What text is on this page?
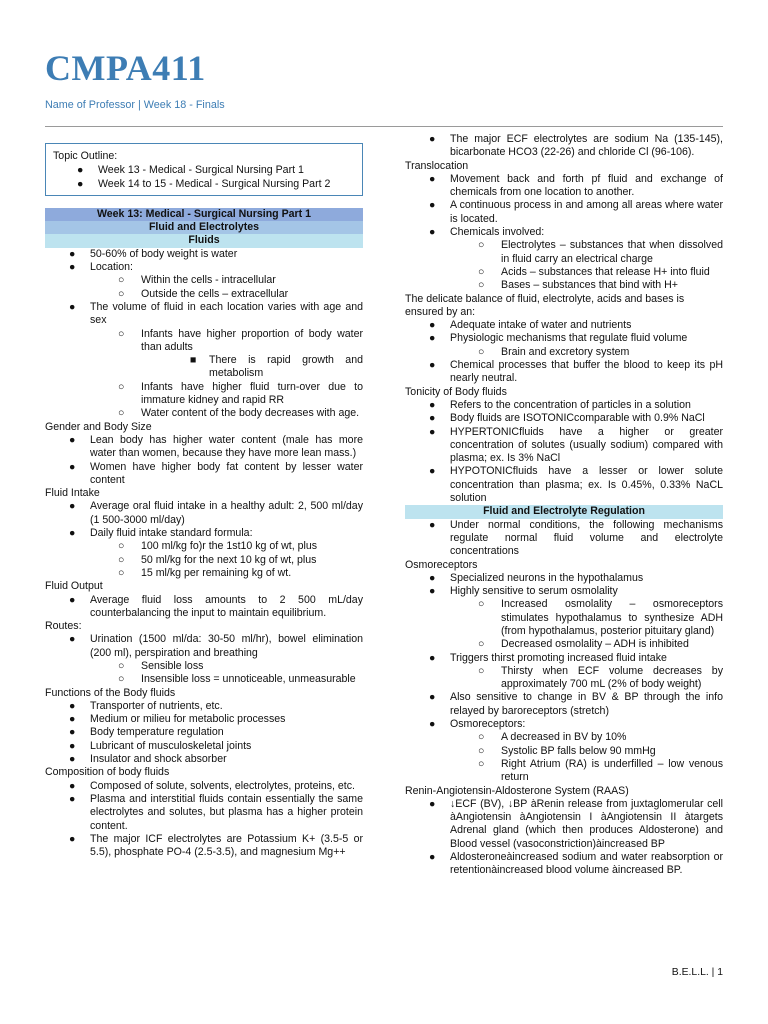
CMPA411
Name of Professor | Week 18 - Finals
Topic Outline:
● Week 13 - Medical - Surgical Nursing Part 1
● Week 14 to 15 - Medical - Surgical Nursing Part 2
Week 13: Medical - Surgical Nursing Part 1
Fluid and Electrolytes
Fluids
● 50-60% of body weight is water
● Location:
○ Within the cells - intracellular
○ Outside the cells – extracellular
● The volume of fluid in each location varies with age and sex
○ Infants have higher proportion of body water than adults
■ There is rapid growth and metabolism
○ Infants have higher fluid turn-over due to immature kidney and rapid RR
○ Water content of the body decreases with age.
Gender and Body Size
● Lean body has higher water content (male has more water than women, because they have more lean mass.)
● Women have higher body fat content by lesser water content
Fluid Intake
● Average oral fluid intake in a healthy adult: 2, 500 ml/day (1 500-3000 ml/day)
● Daily fluid intake standard formula:
○ 100 ml/kg fo)r the 1st10 kg of wt, plus
○ 50 ml/kg for the next 10 kg of wt, plus
○ 15 ml/kg per remaining kg of wt.
Fluid Output
● Average fluid loss amounts to 2 500 mL/day counterbalancing the input to maintain equilibrium.
Routes:
● Urination (1500 ml/da: 30-50 ml/hr), bowel elimination (200 ml), perspiration and breathing
○ Sensible loss
○ Insensible loss = unnoticeable, unmeasurable
Functions of the Body fluids
● Transporter of nutrients, etc.
● Medium or milieu for metabolic processes
● Body temperature regulation
● Lubricant of musculoskeletal joints
● Insulator and shock absorber
Composition of body fluids
● Composed of solute, solvents, electrolytes, proteins, etc.
● Plasma and interstitial fluids contain essentially the same electrolytes and solutes, but plasma has a higher protein content.
● The major ICF electrolytes are Potassium K+ (3.5-5 or 5.5), phosphate PO-4 (2.5-3.5), and magnesium Mg++
● The major ECF electrolytes are sodium Na (135-145), bicarbonate HCO3 (22-26) and chloride Cl (96-106).
Translocation
● Movement back and forth pf fluid and exchange of chemicals from one location to another.
● A continuous process in and among all areas where water is located.
● Chemicals involved:
○ Electrolytes – substances that when dissolved in fluid carry an electrical charge
○ Acids – substances that release H+ into fluid
○ Bases – substances that bind with H+
The delicate balance of fluid, electrolyte, acids and bases is ensured by an:
● Adequate intake of water and nutrients
● Physiologic mechanisms that regulate fluid volume
○ Brain and excretory system
● Chemical processes that buffer the blood to keep its pH nearly neutral.
Tonicity of Body fluids
● Refers to the concentration of particles in a solution
● Body fluids are ISOTONICcomparable with 0.9% NaCl
● HYPERTONICfluids have a higher or greater concentration of solutes (usually sodium) compared with plasma; ex. Is 3% NaCl
● HYPOTONICfluids have a lesser or lower solute concentration than plasma; ex. Is 0.45%, 0.33% NaCL solution
Fluid and Electrolyte Regulation
● Under normal conditions, the following mechanisms regulate normal fluid volume and electrolyte concentrations
Osmoreceptors
● Specialized neurons in the hypothalamus
● Highly sensitive to serum osmolality
○ Increased osmolality – osmoreceptors stimulates hypothalamus to synthesize ADH (from hypothalamus, posterior pituitary gland)
○ Decreased osmolality – ADH is inhibited
● Triggers thirst promoting increased fluid intake
○ Thirsty when ECF volume decreases by approximately 700 mL (2% of body weight)
● Also sensitive to change in BV & BP through the info relayed by baroreceptors (stretch)
● Osmoreceptors:
○ A decreased in BV by 10%
○ Systolic BP falls below 90 mmHg
○ Right Atrium (RA) is underfilled – low venous return
Renin-Angiotensin-Aldosterone System (RAAS)
● ↓ECF (BV), ↓BP àRenin release from juxtaglomerular cell àAngiotensin àAngiotensin I àAngiotensin II àtargets Adrenal gland (which then produces Aldosterone) and Blood vessel (vasoconstriction)àincreased BP
● Aldosteroneàincreased sodium and water reabsorption or retentionàincreased blood volume àincreased BP.
B.E.L.L. | 1
